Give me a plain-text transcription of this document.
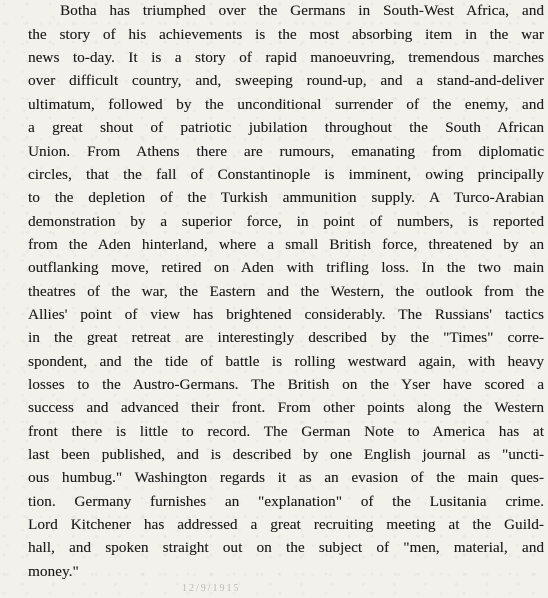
Botha has triumphed over the Germans in South-West Africa, and
the story of his achievements is the most absorbing item in the war
news to-day. It is a story of rapid manoeuvring, tremendous marches
over difficult country, and, sweeping round-up, and a stand-and-deliver
ultimatum, followed by the unconditional surrender of the enemy, and
a great shout of patriotic jubilation throughout the South African
Union. From Athens there are rumours, emanating from diplomatic
circles, that the fall of Constantinople is imminent, owing principally
to the depletion of the Turkish ammunition supply. A Turco-Arabian
demonstration by a superior force, in point of numbers, is reported
from the Aden hinterland, where a small British force, threatened by an
outflanking move, retired on Aden with trifling loss. In the two main
theatres of the war, the Eastern and the Western, the outlook from the
Allies' point of view has brightened considerably. The Russians' tactics
in the great retreat are interestingly described by the "Times" corre-
spondent, and the tide of battle is rolling westward again, with heavy
losses to the Austro-Germans. The British on the Yser have scored a
success and advanced their front. From other points along the Western
front there is little to record. The German Note to America has at
last been published, and is described by one English journal as "uncti-
ous humbug." Washington regards it as an evasion of the main ques-
tion. Germany furnishes an "explanation" of the Lusitania crime.
Lord Kitchener has addressed a great recruiting meeting at the Guild-
hall, and spoken straight out on the subject of "men, material, and
money."
12/9/1915
